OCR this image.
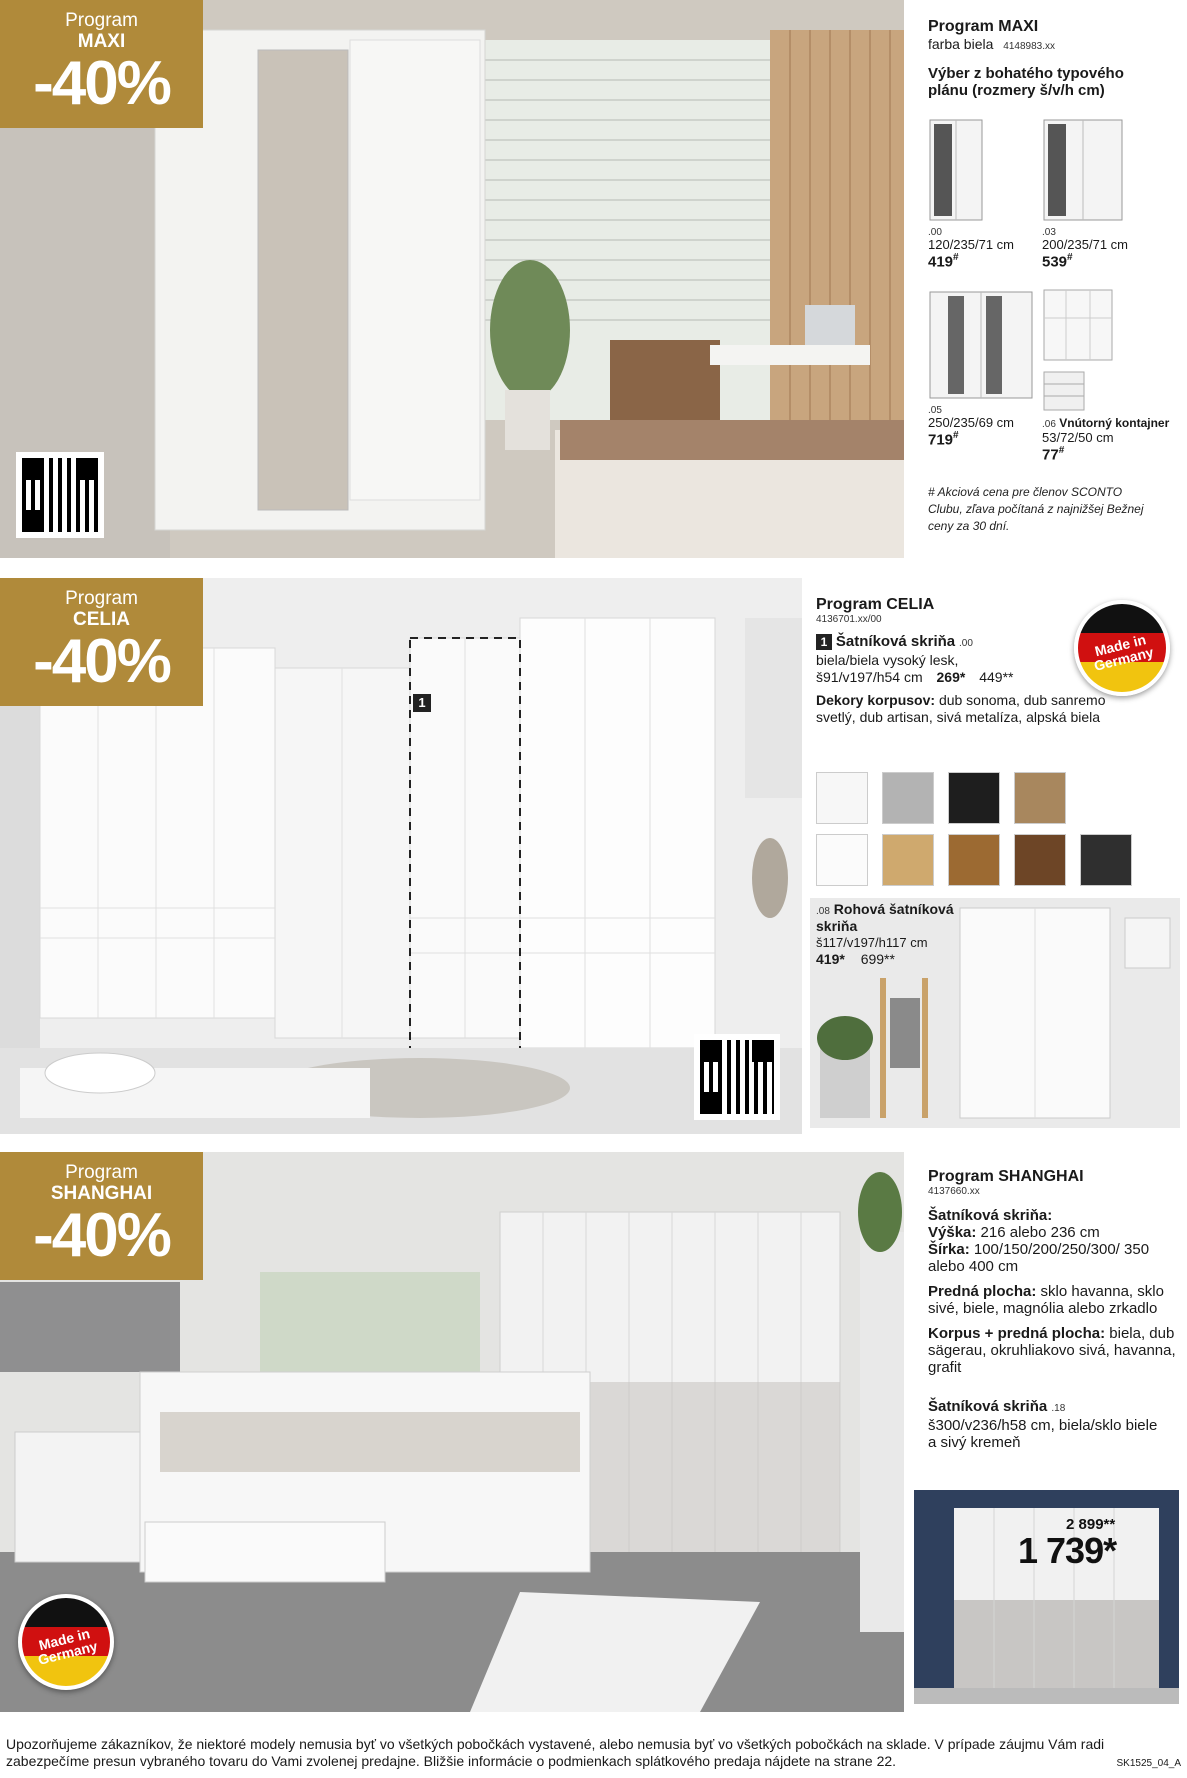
Program
MAXI
-40%
Program MAXI
farba biela 4148983.xx
Výber z bohatého typového plánu (rozmery š/v/h cm)
.00
120/235/71 cm
419#
.03
200/235/71 cm
539#
.05
250/235/69 cm
719#
.06 Vnútorný kontajner
53/72/50 cm
77#
# Akciová cena pre členov SCONTO Clubu, zľava počítaná z najnižšej Bežnej ceny za 30 dní.
1
Program
CELIA
-40%
Program CELIA
4136701.xx/00
1 Šatníková skriňa .00
biela/biela vysoký lesk,
š91/v197/h54 cm 269* 449**
Dekory korpusov: dub sonoma, dub sanremo svetlý, dub artisan, sivá metalíza, alpská biela
.08 Rohová šatníková skriňa
š117/v197/h117 cm
419* 699**
Made in Germany
Program
SHANGHAI
-40%
Made in Germany
Program SHANGHAI
4137660.xx
Šatníková skriňa:
Výška: 216 alebo 236 cm
Šírka: 100/150/200/250/300/ 350 alebo 400 cm
Predná plocha: sklo havanna, sklo sivé, biele, magnólia alebo zrkadlo
Korpus + predná plocha: biela, dub sägerau, okruhliakovo sivá, havanna, grafit
Šatníková skriňa .18
š300/v236/h58 cm, biela/sklo biele a sivý kremeň
2 899**
1 739*
Upozorňujeme zákazníkov, že niektoré modely nemusia byť vo všetkých pobočkách vystavené, alebo nemusia byť vo všetkých pobočkách na sklade. V prípade záujmu Vám radi zabezpečíme presun vybraného tovaru do Vami zvolenej predajne. Bližšie informácie o podmienkach splátkového predaja nájdete na strane 22.	SK1525_04_A
